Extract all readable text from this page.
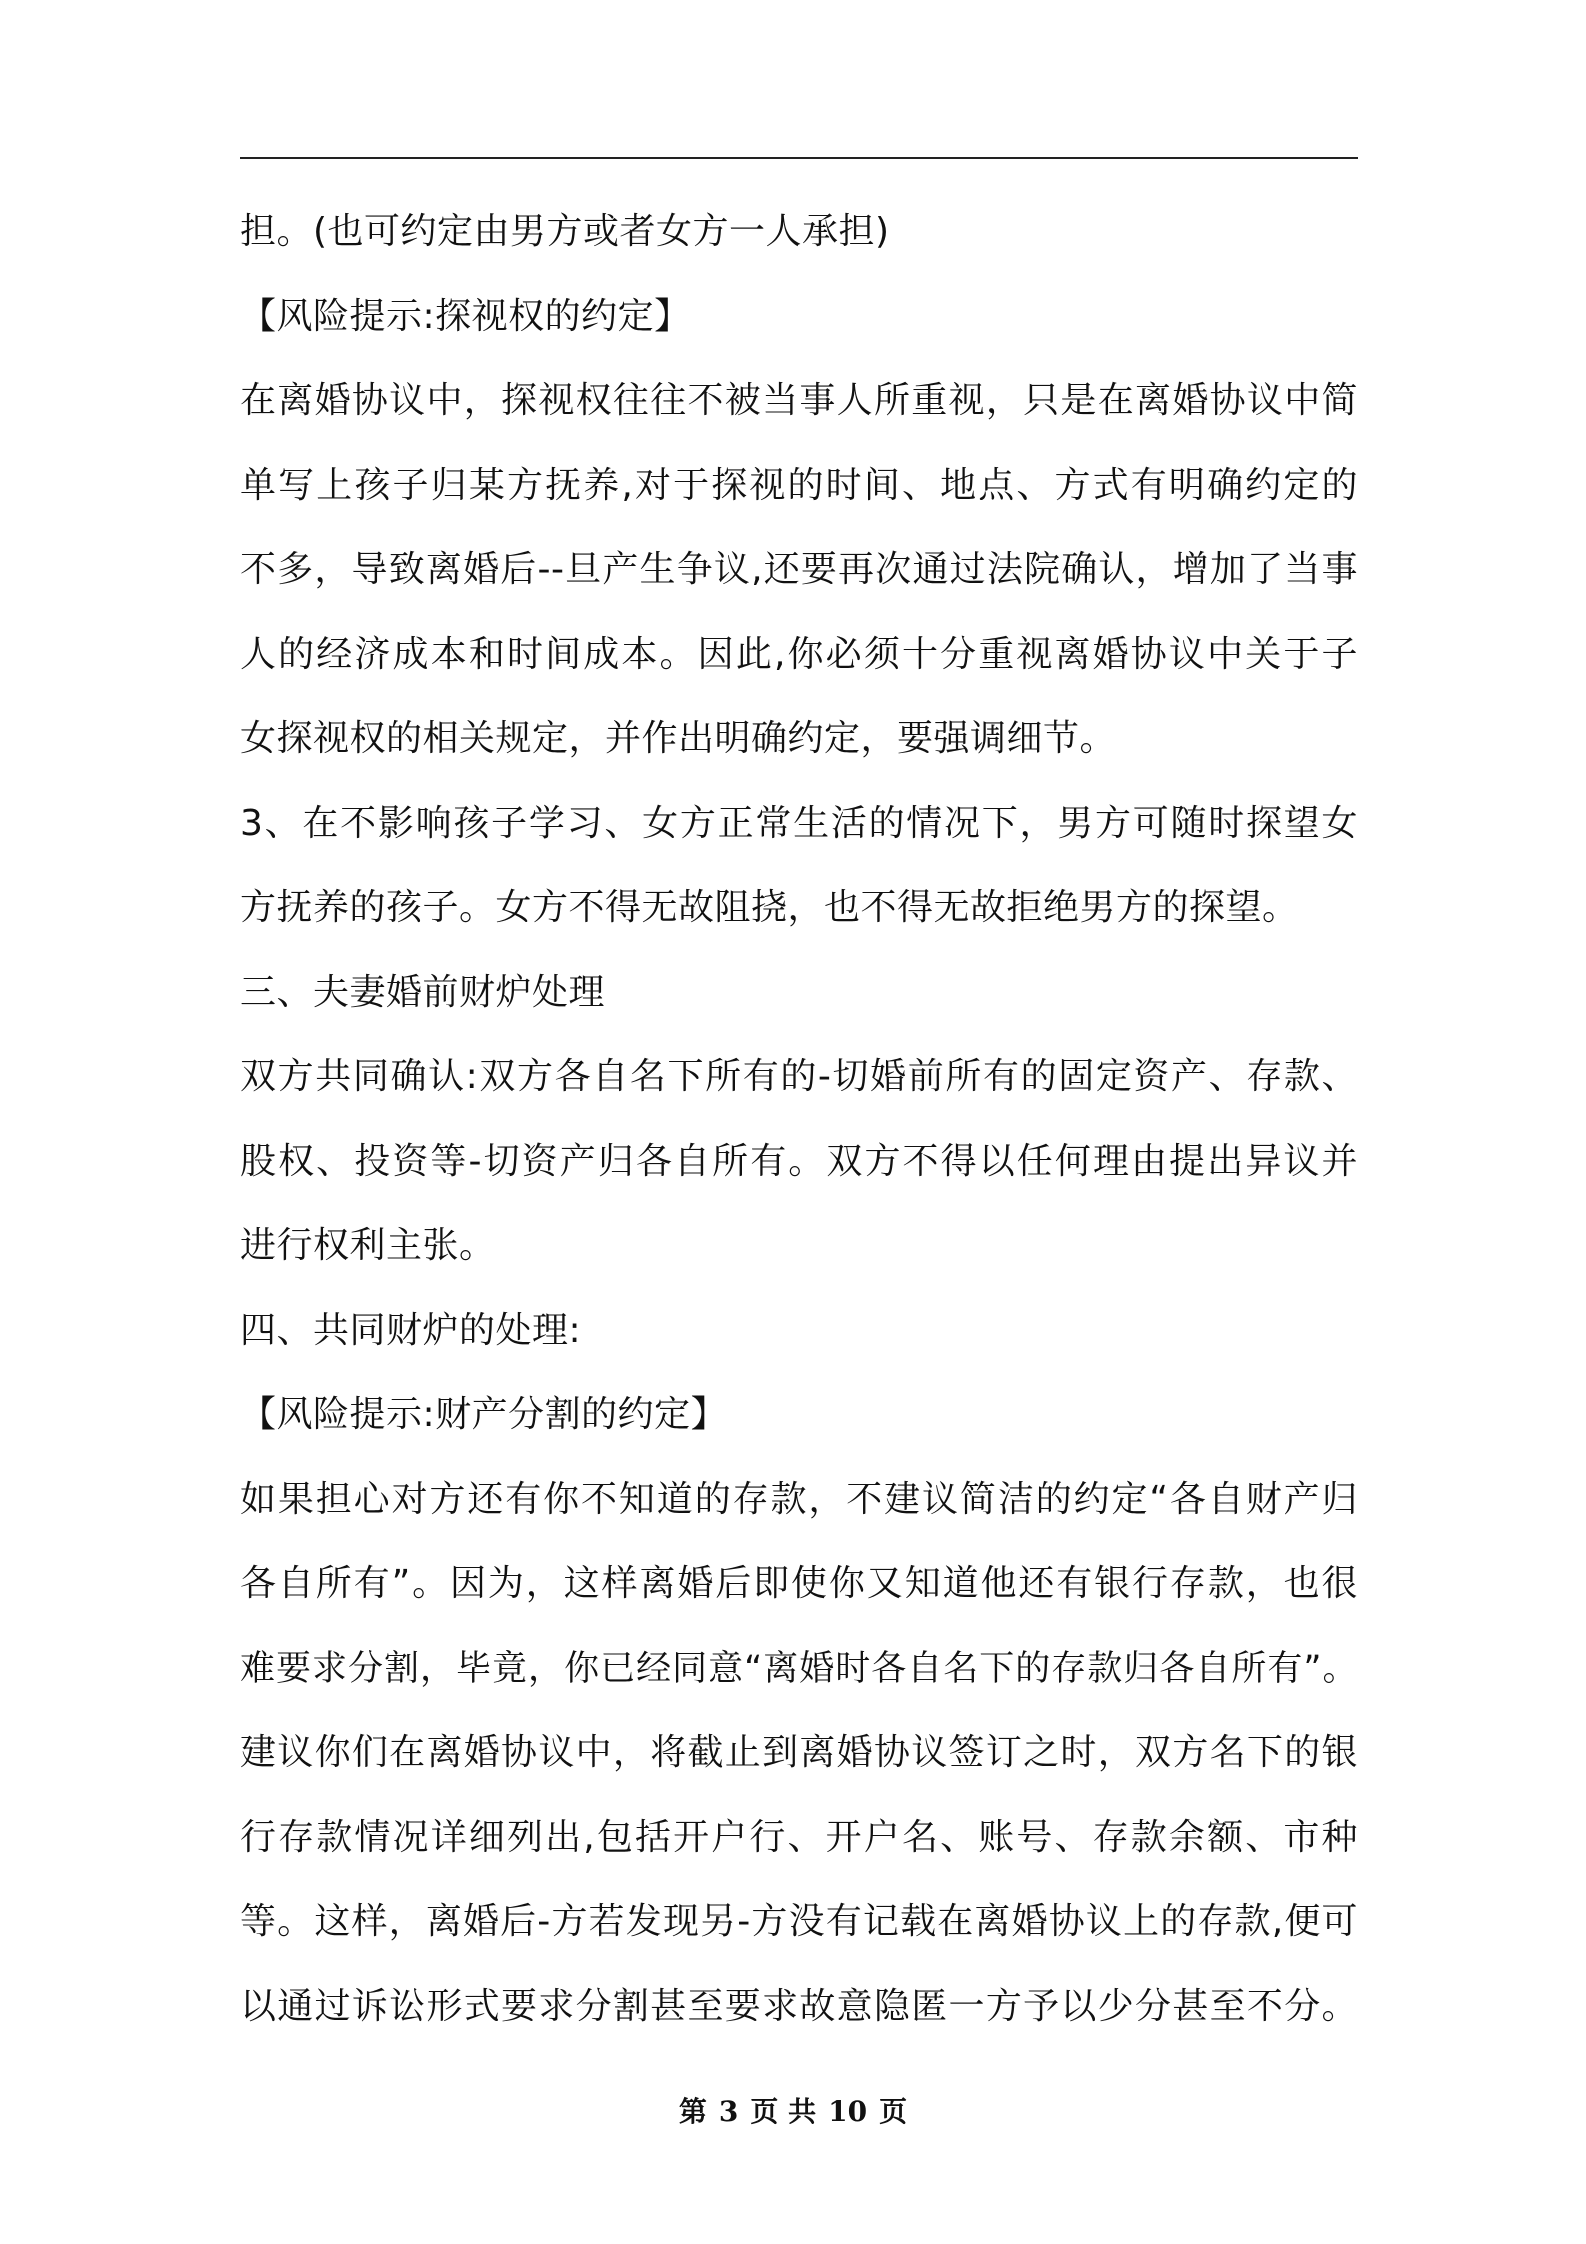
担。(也可约定由男方或者女方一人承担)
【风险提示:探视权的约定】
在离婚协议中，探视权往往不被当事人所重视，只是在离婚协议中简
单写上孩子归某方抚养,对于探视的时间、地点、方式有明确约定的
不多，导致离婚后--旦产生争议,还要再次通过法院确认，增加了当事
人的经济成本和时间成本。因此,你必须十分重视离婚协议中关于子
女探视权的相关规定，并作出明确约定，要强调细节。
3、在不影响孩子学习、女方正常生活的情况下，男方可随时探望女
方抚养的孩子。女方不得无故阻挠，也不得无故拒绝男方的探望。
三、夫妻婚前财炉处理
双方共同确认:双方各自名下所有的-切婚前所有的固定资产、存款、
股权、投资等-切资产归各自所有。双方不得以任何理由提出异议并
进行权利主张。
四、共同财炉的处理:
【风险提示:财产分割的约定】
如果担心对方还有你不知道的存款，不建议简洁的约定“各自财产归
各自所有”。因为，这样离婚后即使你又知道他还有银行存款，也很
难要求分割，毕竟，你已经同意“离婚时各自名下的存款归各自所有”。
建议你们在离婚协议中，将截止到离婚协议签订之时，双方名下的银
行存款情况详细列出,包括开户行、开户名、账号、存款余额、市种
等。这样，离婚后-方若发现另-方没有记载在离婚协议上的存款,便可
以通过诉讼形式要求分割甚至要求故意隐匿一方予以少分甚至不分。
第 3 页 共 10 页
